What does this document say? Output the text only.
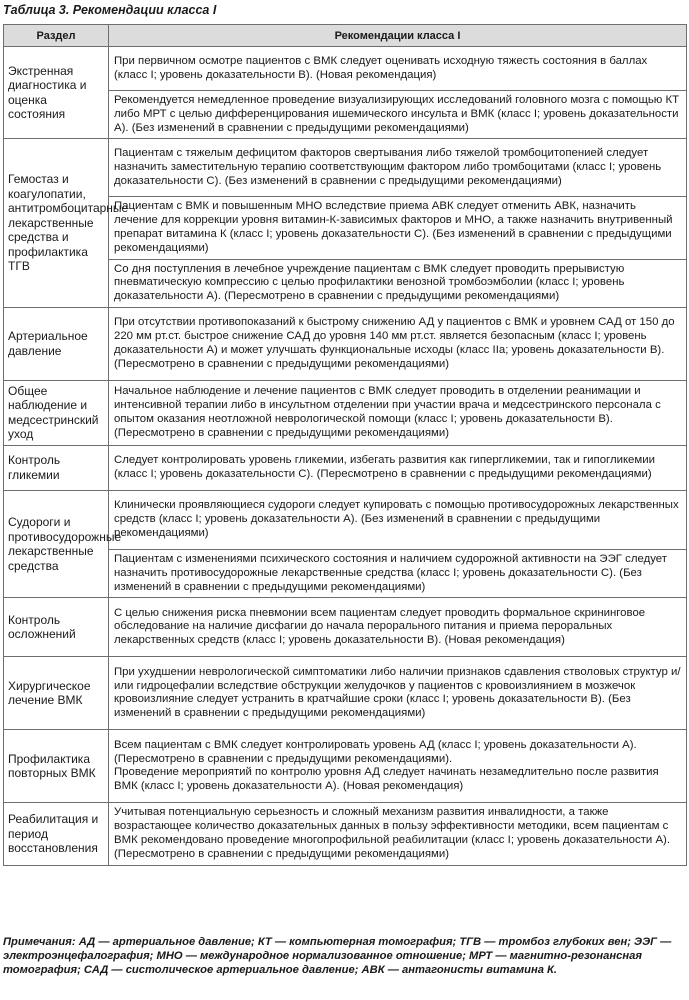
Таблица 3. Рекомендации класса I
Раздел	Рекомендации класса I
Экстренная диагностика и оценка состояния	При первичном осмотре пациентов с ВМК следует оценивать исходную тяжесть состояния в баллах (класс I; уровень доказательности В). (Новая рекомендация)
	Рекомендуется немедленное проведение визуализирующих исследований головного мозга с помощью КТ либо МРТ с целью дифференцирования ишемического инсульта и ВМК (класс I; уровень доказательности А). (Без изменений в сравнении с предыдущими рекомендациями)
Гемостаз и коагулопатии, антитромбоцитарные лекарственные средства и профилактика ТГВ	Пациентам с тяжелым дефицитом факторов свертывания либо тяжелой тромбоцитопенией следует назначить заместительную терапию соответствующим фактором либо тромбоцитами (класс I; уровень доказательности С). (Без изменений в сравнении с предыдущими рекомендациями)
	Пациентам с ВМК и повышенным МНО вследствие приема АВК следует отменить АВК, назначить лечение для коррекции уровня витамин-К-зависимых факторов и МНО, а также назначить внутривенный препарат витамина К (класс I; уровень доказательности С). (Без изменений в сравнении с предыдущими рекомендациями)
	Со дня поступления в лечебное учреждение пациентам с ВМК следует проводить прерывистую пневматическую компрессию с целью профилактики венозной тромбоэмболии (класс I; уровень доказательности А). (Пересмотрено в сравнении с предыдущими рекомендациями)
Артериальное давление	При отсутствии противопоказаний к быстрому снижению АД у пациентов с ВМК и уровнем САД от 150 до 220 мм рт.ст. быстрое снижение САД до уровня 140 мм рт.ст. является безопасным (класс I; уровень доказательности А) и может улучшать функциональные исходы (класс IIa; уровень доказательности В). (Пересмотрено в сравнении с предыдущими рекомендациями)
Общее наблюдение и медсестринский уход	Начальное наблюдение и лечение пациентов с ВМК следует проводить в отделении реанимации и интенсивной терапии либо в инсультном отделении при участии врача и медсестринского персонала с опытом оказания неотложной неврологической помощи (класс I; уровень доказательности В). (Пересмотрено в сравнении с предыдущими рекомендациями)
Контроль гликемии	Следует контролировать уровень гликемии, избегать развития как гипергликемии, так и гипогликемии (класс I; уровень доказательности С). (Пересмотрено в сравнении с предыдущими рекомендациями)
Судороги и противосудорожные лекарственные средства	Клинически проявляющиеся судороги следует купировать с помощью противосудорожных лекарственных средств (класс I; уровень доказательности А). (Без изменений в сравнении с предыдущими рекомендациями)
	Пациентам с изменениями психического состояния и наличием судорожной активности на ЭЭГ следует назначить противосудорожные лекарственные средства (класс I; уровень доказательности С). (Без изменений в сравнении с предыдущими рекомендациями)
Контроль осложнений	С целью снижения риска пневмонии всем пациентам следует проводить формальное скрининговое обследование на наличие дисфагии до начала перорального питания и приема пероральных лекарственных средств (класс I; уровень доказательности В). (Новая рекомендация)
Хирургическое лечение ВМК	При ухудшении неврологической симптоматики либо наличии признаков сдавления стволовых структур и/или гидроцефалии вследствие обструкции желудочков у пациентов с кровоизлиянием в мозжечок кровоизлияние следует устранить в кратчайшие сроки (класс I; уровень доказательности В). (Без изменений в сравнении с предыдущими рекомендациями)
Профилактика повторных ВМК	Всем пациентам с ВМК следует контролировать уровень АД (класс I; уровень доказательности А). (Пересмотрено в сравнении с предыдущими рекомендациями).
Проведение мероприятий по контролю уровня АД следует начинать незамедлительно после развития ВМК (класс I; уровень доказательности А). (Новая рекомендация)
Реабилитация и период восстановления	Учитывая потенциальную серьезность и сложный механизм развития инвалидности, а также возрастающее количество доказательных данных в пользу эффективности методики, всем пациентам с ВМК рекомендовано проведение многопрофильной реабилитации (класс I; уровень доказательности А). (Пересмотрено в сравнении с предыдущими рекомендациями)
Примечания: АД — артериальное давление; КТ — компьютерная томография; ТГВ — тромбоз глубоких вен; ЭЭГ — электроэнцефалография; МНО — международное нормализованное отношение; МРТ — магнитно-резонансная томография; САД — систолическое артериальное давление; АВК — антагонисты витамина К.
